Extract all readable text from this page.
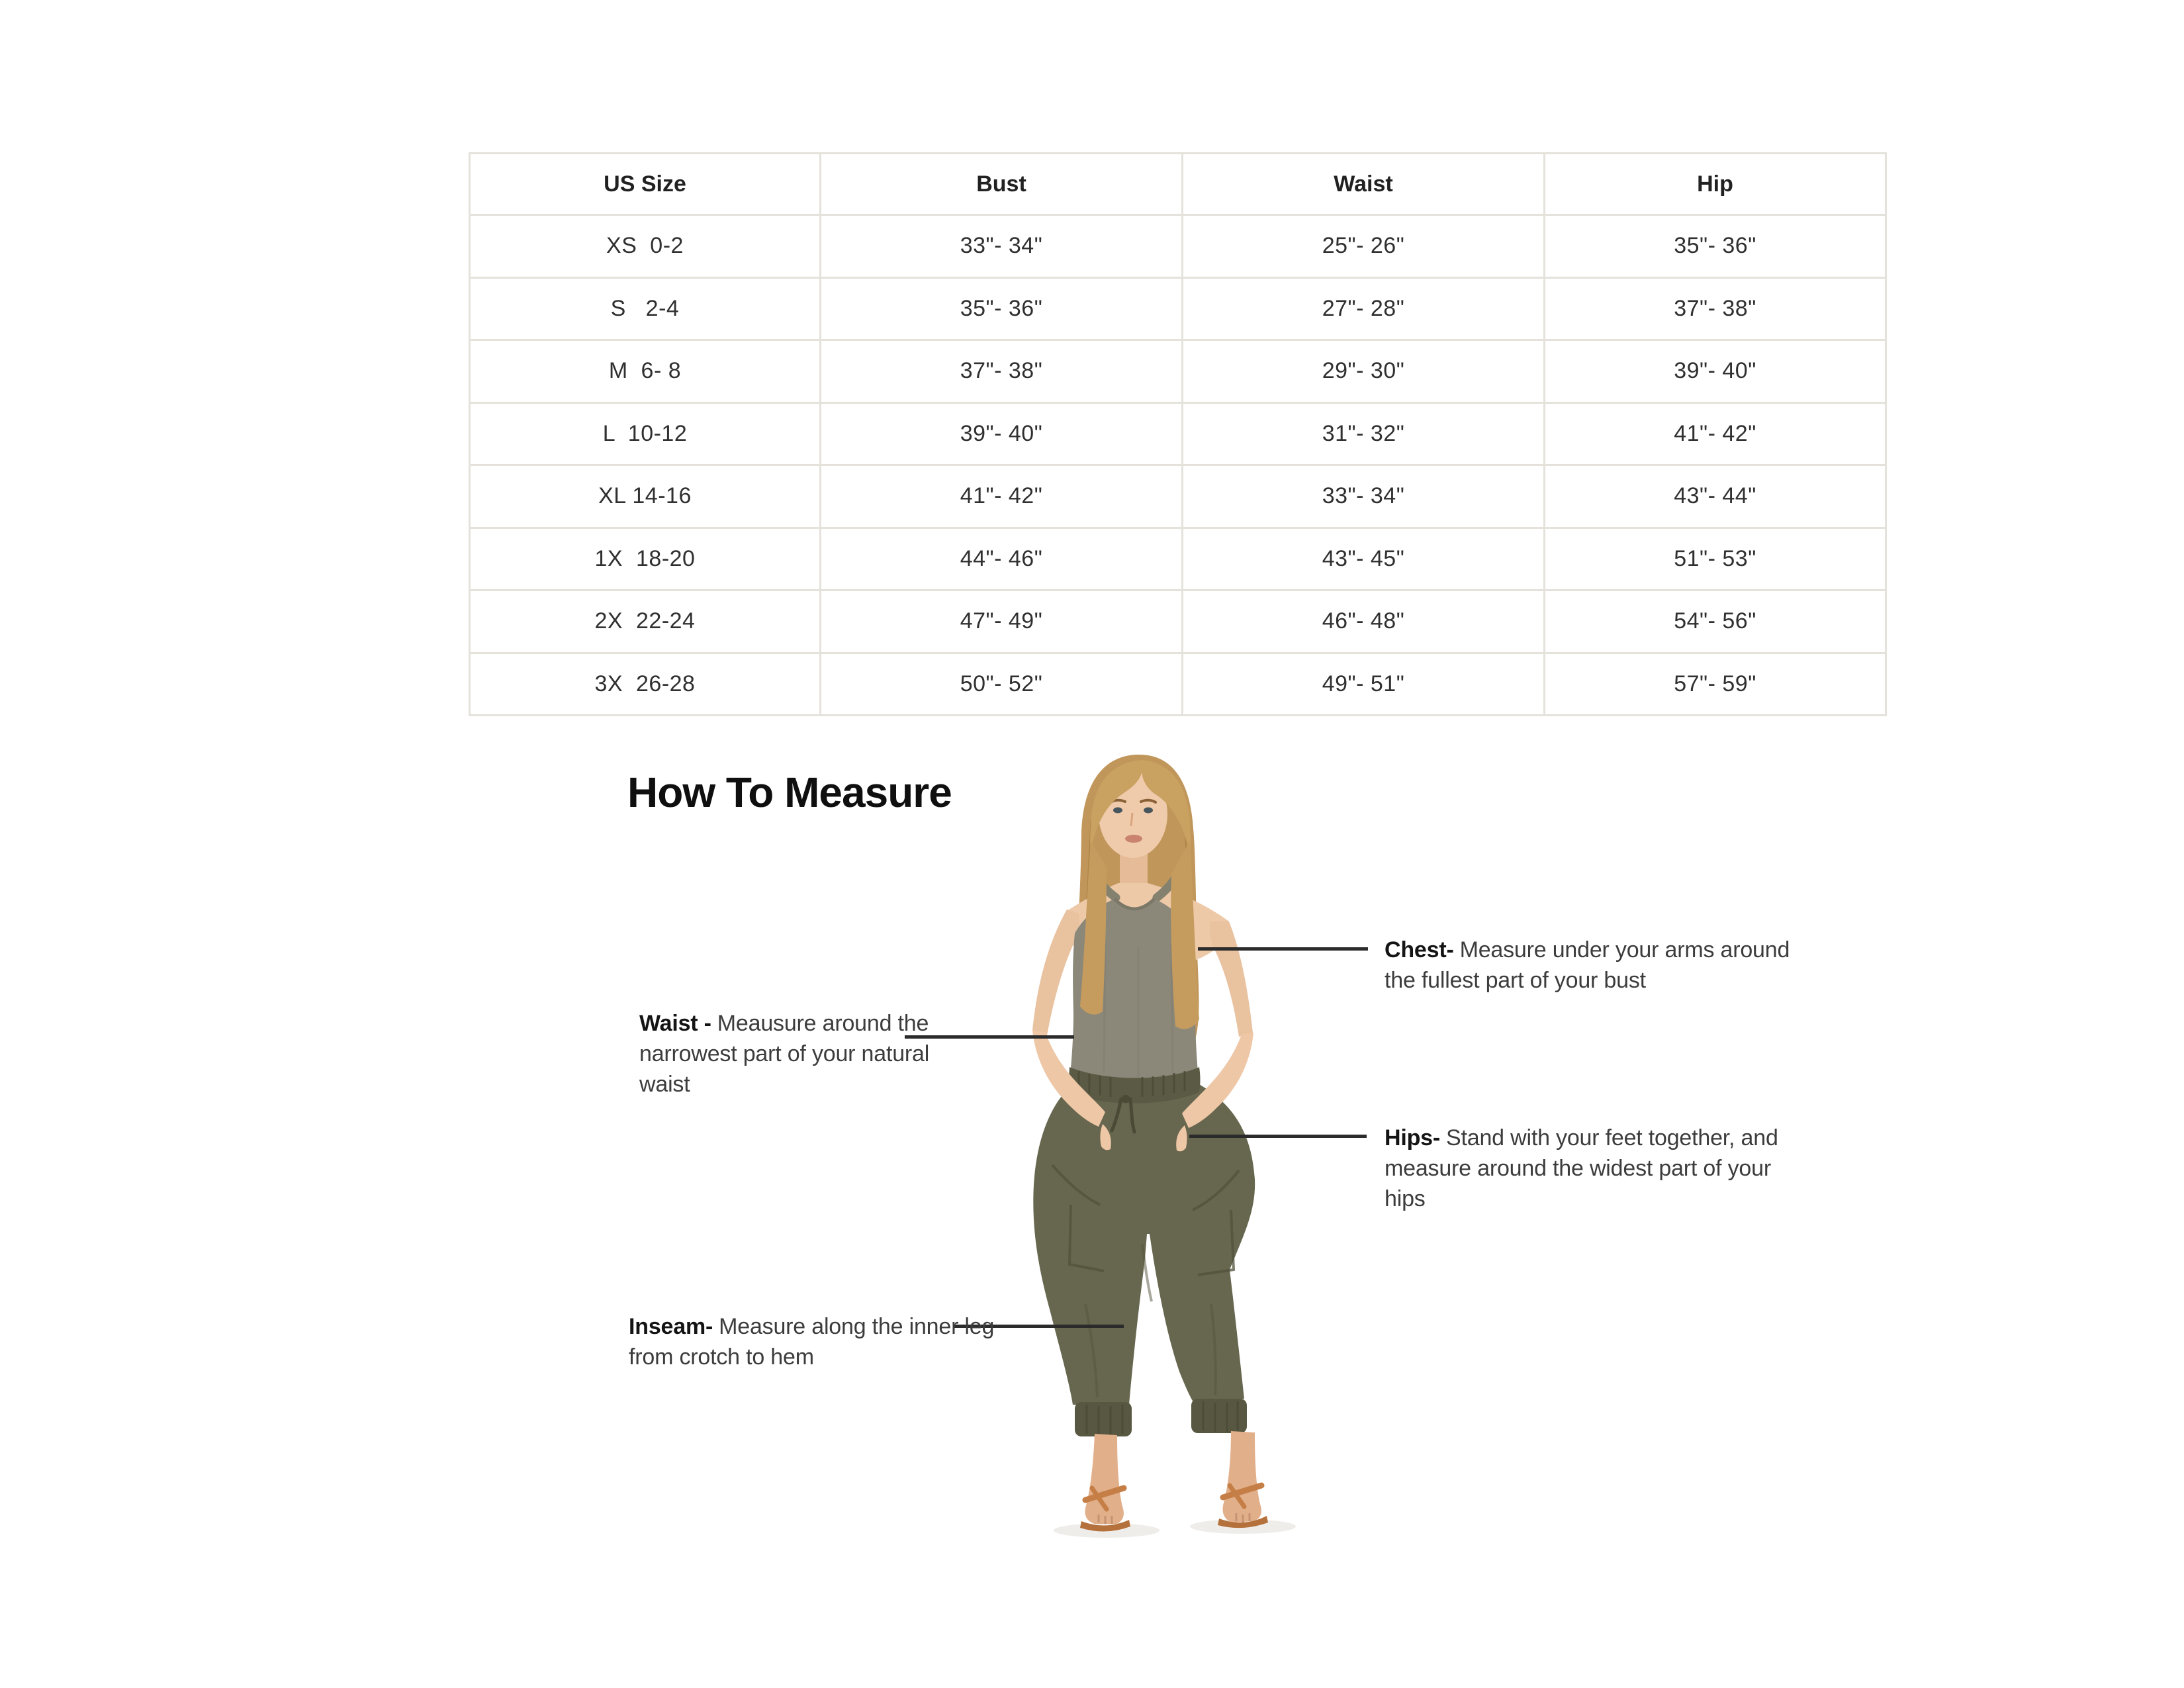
US Size	Bust	Waist	Hip
XS  0-2	33"- 34"	25"- 26"	35"- 36"
S   2-4	35"- 36"	27"- 28"	37"- 38"
M  6- 8	37"- 38"	29"- 30"	39"- 40"
L  10-12	39"- 40"	31"- 32"	41"- 42"
XL 14-16	41"- 42"	33"- 34"	43"- 44"
1X  18-20	44"- 46"	43"- 45"	51"- 53"
2X  22-24	47"- 49"	46"- 48"	54"- 56"
3X  26-28	50"- 52"	49"- 51"	57"- 59"
How To Measure
Chest- Measure under your arms around the fullest part of your bust
Waist - Meausure around the narrowest part of your natural waist
Hips- Stand with your feet together, and measure around the widest part of your hips
Inseam- Measure along the inner leg from crotch to hem
